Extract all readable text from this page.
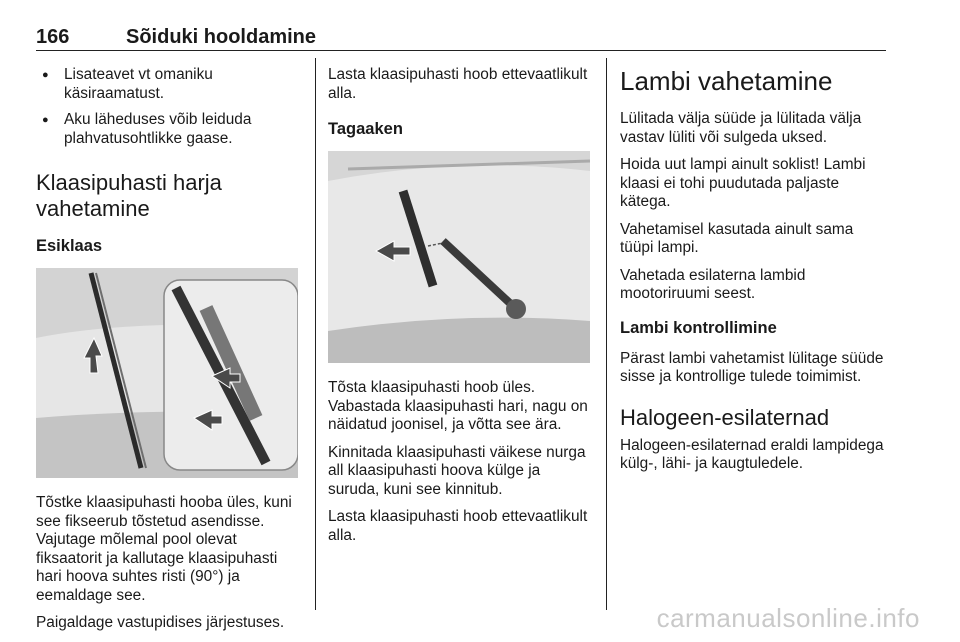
166	Sõiduki hooldamine
● Lisateavet vt omaniku käsiraamatust.
● Aku läheduses võib leiduda plahvatusohtlikke gaase.
Klaasipuhasti harja vahetamine
Esiklaas

Tõstke klaasipuhasti hooba üles, kuni see fikseerub tõstetud asendisse. Vajutage mõlemal pool olevat fiksaatorit ja kallutage klaasipuhasti hari hoova suhtes risti (90°) ja eemaldage see.

Paigaldage vastupidises järjestuses.

Lasta klaasipuhasti hoob ettevaatlikult alla.

Tagaaken

Tõsta klaasipuhasti hoob üles. Vabastada klaasipuhasti hari, nagu on näidatud joonisel, ja võtta see ära.

Kinnitada klaasipuhasti väikese nurga all klaasipuhasti hoova külge ja suruda, kuni see kinnitub.

Lasta klaasipuhasti hoob ettevaatlikult alla.

Lambi vahetamine

Lülitada välja süüde ja lülitada välja vastav lüliti või sulgeda uksed.

Hoida uut lampi ainult soklist! Lambi klaasi ei tohi puudutada paljaste kätega.

Vahetamisel kasutada ainult sama tüüpi lampi.

Vahetada esilaterna lambid mootoriruumi seest.

Lambi kontrollimine

Pärast lambi vahetamist lülitage süüde sisse ja kontrollige tulede toimimist.

Halogeen-esilaternad

Halogeen-esilaternad eraldi lampidega külg-, lähi- ja kaugtuledele.

carmanualsonline.info
